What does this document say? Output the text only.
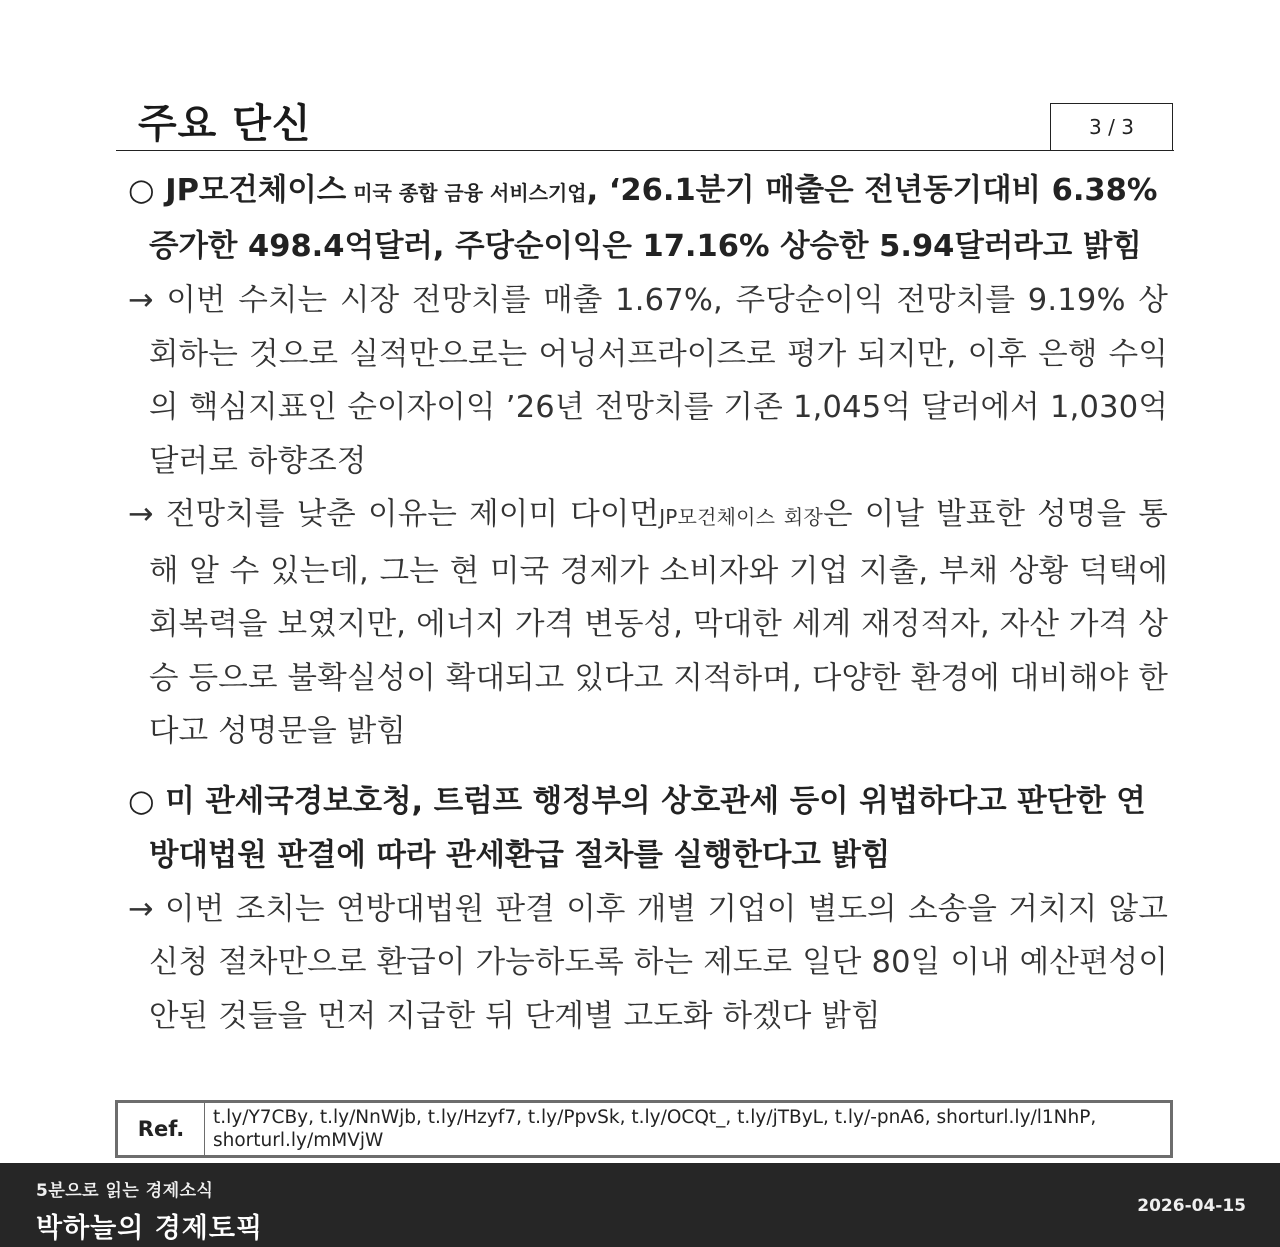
주요 단신	3 / 3

○ JP모건체이스 미국 종합 금융 서비스기업, ‘26.1분기 매출은 전년동기대비 6.38% 증가한 498.4억달러, 주당순이익은 17.16% 상승한 5.94달러라고 밝힘

→ 이번 수치는 시장 전망치를 매출 1.67%, 주당순이익 전망치를 9.19% 상회하는 것으로 실적만으로는 어닝서프라이즈로 평가 되지만, 이후 은행 수익의 핵심지표인 순이자이익 ’26년 전망치를 기존 1,045억 달러에서 1,030억달러로 하향조정

→ 전망치를 낮춘 이유는 제이미 다이먼JP모건체이스 회장은 이날 발표한 성명을 통해 알 수 있는데, 그는 현 미국 경제가 소비자와 기업 지출, 부채 상황 덕택에 회복력을 보였지만, 에너지 가격 변동성, 막대한 세계 재정적자, 자산 가격 상승 등으로 불확실성이 확대되고 있다고 지적하며, 다양한 환경에 대비해야 한다고 성명문을 밝힘

○ 미 관세국경보호청, 트럼프 행정부의 상호관세 등이 위법하다고 판단한 연방대법원 판결에 따라 관세환급 절차를 실행한다고 밝힘

→ 이번 조치는 연방대법원 판결 이후 개별 기업이 별도의 소송을 거치지 않고 신청 절차만으로 환급이 가능하도록 하는 제도로 일단 80일 이내 예산편성이 안된 것들을 먼저 지급한 뒤 단계별 고도화 하겠다 밝힘

Ref.	t.ly/Y7CBy, t.ly/NnWjb, t.ly/Hzyf7, t.ly/PpvSk, t.ly/OCQt_, t.ly/jTByL, t.ly/-pnA6, shorturl.ly/l1NhP, shorturl.ly/mMVjW
5분으로 읽는 경제소식
박하늘의 경제토픽
2026-04-15
